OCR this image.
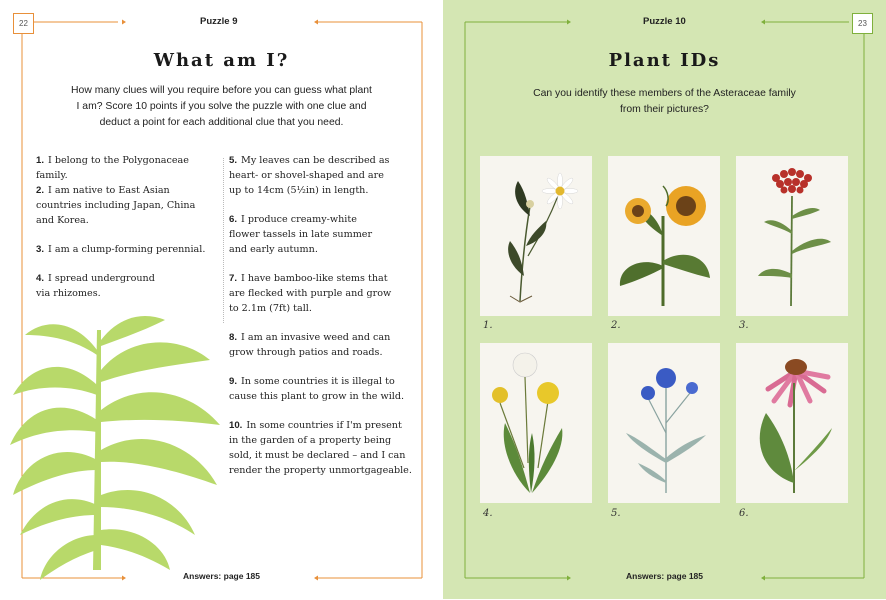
22	Puzzle 9
What am I?
How many clues will you require before you can guess what plant
I am? Score 10 points if you solve the puzzle with one clue and
deduct a point for each additional clue that you need.
1. I belong to the Polygonaceae family.
2. I am native to East Asian
countries including Japan, China
and Korea.
3. I am a clump-forming perennial.
4. I spread underground
via rhizomes.
5. My leaves can be described as
heart- or shovel-shaped and are
up to 14cm (5½in) in length.
6. I produce creamy-white
flower tassels in late summer
and early autumn.
7. I have bamboo-like stems that
are flecked with purple and grow
to 2.1m (7ft) tall.
8. I am an invasive weed and can
grow through patios and roads.
9. In some countries it is illegal to
cause this plant to grow in the wild.
10. In some countries if I'm present
in the garden of a property being
sold, it must be declared – and I can
render the property unmortgageable.
Answers: page 185
23
Puzzle 10
Plant IDs
Can you identify these members of the Asteraceae family
from their pictures?
1.	2.	3.
4.	5.	6.
Answers: page 185
